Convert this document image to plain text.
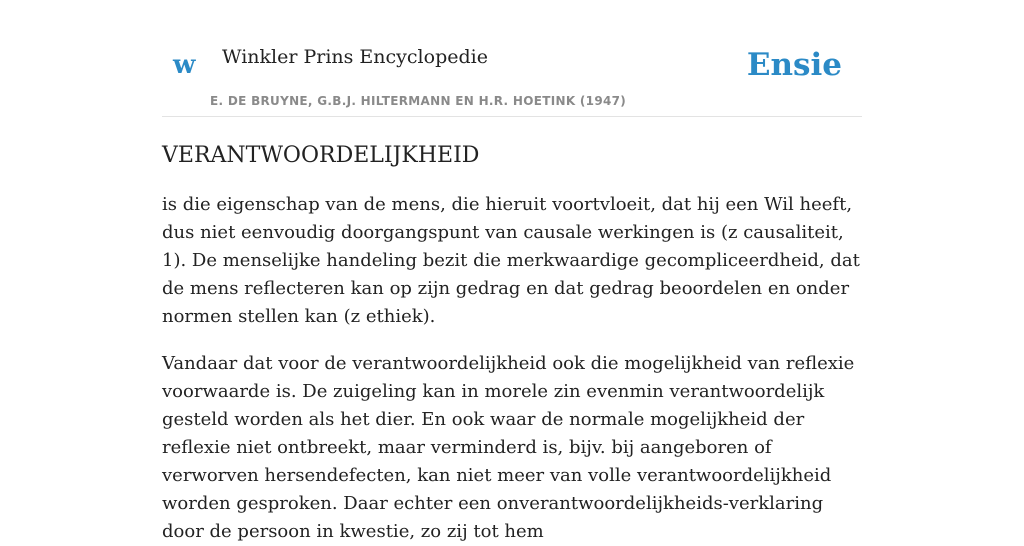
w Winkler Prins Encyclopedie
E. DE BRUYNE, G.B.J. HILTERMANN EN H.R. HOETINK (1947)
Ensie
VERANTWOORDELIJKHEID

is die eigenschap van de mens, die hieruit voortvloeit, dat hij een Wil heeft, dus niet eenvoudig doorgangspunt van causale werkingen is (z causaliteit, 1). De menselijke handeling bezit die merkwaardige gecompliceerdheid, dat de mens reflecteren kan op zijn gedrag en dat gedrag beoordelen en onder normen stellen kan (z ethiek).

Vandaar dat voor de verantwoordelijkheid ook die mogelijkheid van reflexie voorwaarde is. De zuigeling kan in morele zin evenmin verantwoordelijk gesteld worden als het dier. En ook waar de normale mogelijkheid der reflexie niet ontbreekt, maar verminderd is, bijv. bij aangeboren of verworven hersendefecten, kan niet meer van volle verantwoordelijkheid worden gesproken. Daar echter een onverantwoordelijkheids-verklaring door de persoon in kwestie, zo zij tot hem
